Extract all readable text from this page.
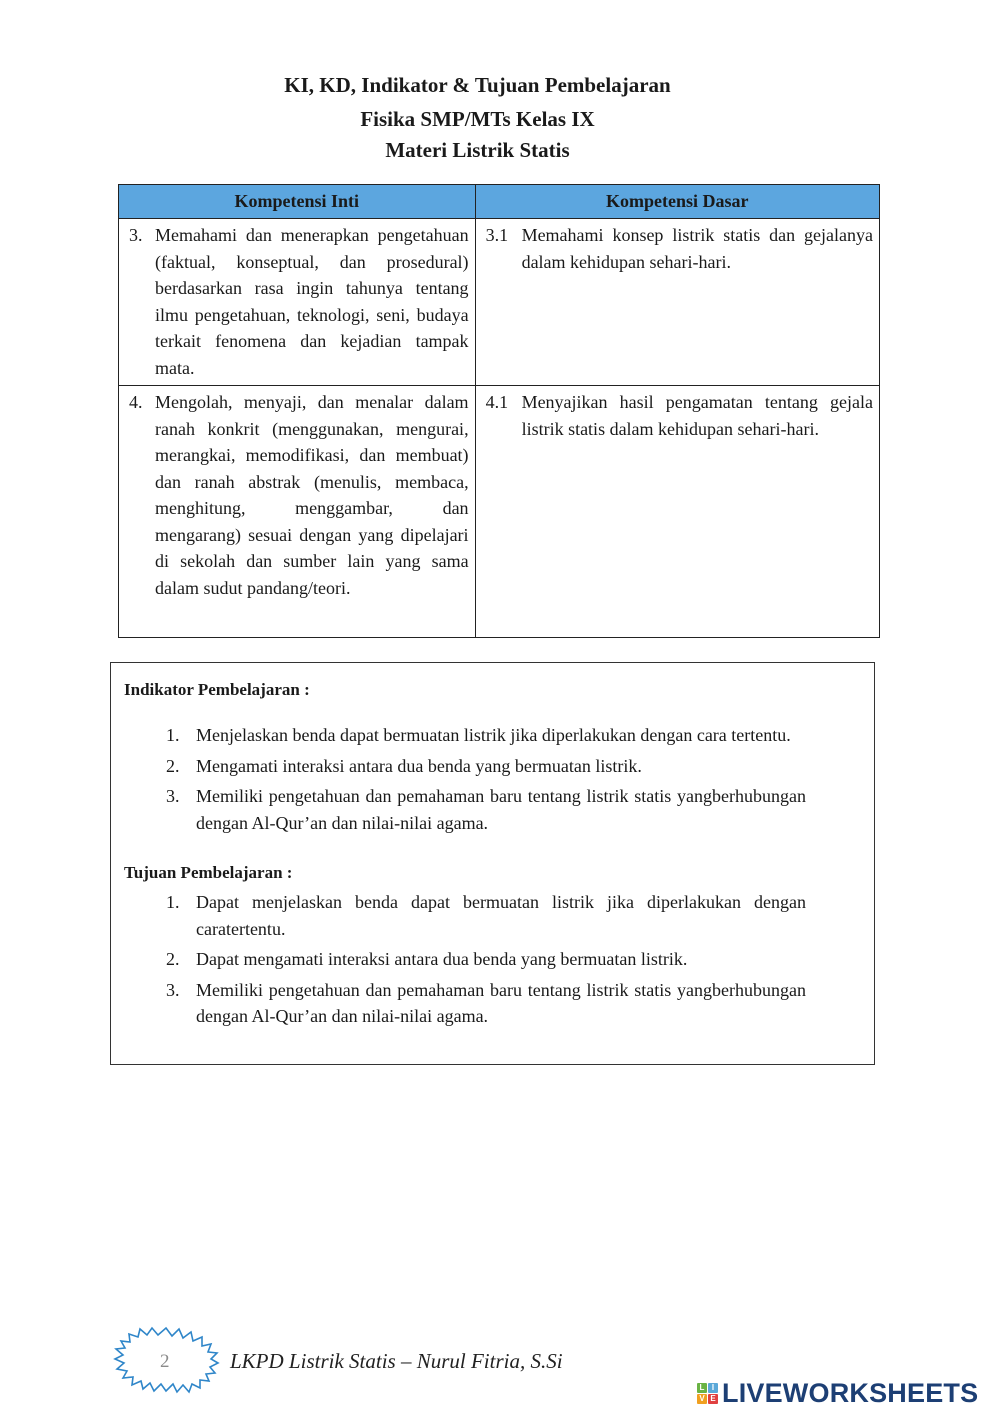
KI, KD, Indikator & Tujuan Pembelajaran
Fisika SMP/MTs Kelas IX
Materi Listrik Statis
Kompetensi Inti	Kompetensi Dasar

3. Memahami dan menerapkan pengetahuan (faktual, konseptual, dan prosedural) berdasarkan rasa ingin tahunya tentang ilmu pengetahuan, teknologi, seni, budaya terkait fenomena dan kejadian tampak mata.	3.1 Memahami konsep listrik statis dan gejalanya dalam kehidupan sehari-hari.

4. Mengolah, menyaji, dan menalar dalam ranah konkrit (menggunakan, mengurai, merangkai, memodifikasi, dan membuat) dan ranah abstrak (menulis, membaca, menghitung, menggambar, dan mengarang) sesuai dengan yang dipelajari di sekolah dan sumber lain yang sama dalam sudut pandang/teori.	4.1 Menyajikan hasil pengamatan tentang gejala listrik statis dalam kehidupan sehari-hari.
Indikator Pembelajaran :
1. Menjelaskan benda dapat bermuatan listrik jika diperlakukan dengan cara tertentu.
2. Mengamati interaksi antara dua benda yang bermuatan listrik.
3. Memiliki pengetahuan dan pemahaman baru tentang listrik statis yangberhubungan dengan Al-Qur’an dan nilai-nilai agama.
Tujuan Pembelajaran :
1. Dapat menjelaskan benda dapat bermuatan listrik jika diperlakukan dengan caratertentu.
2. Dapat mengamati interaksi antara dua benda yang bermuatan listrik.
3. Memiliki pengetahuan dan pemahaman baru tentang listrik statis yangberhubungan dengan Al-Qur’an dan nilai-nilai agama.
2	LKPD Listrik Statis – Nurul Fitria, S.Si
L I
V E LIVEWORKSHEETS
